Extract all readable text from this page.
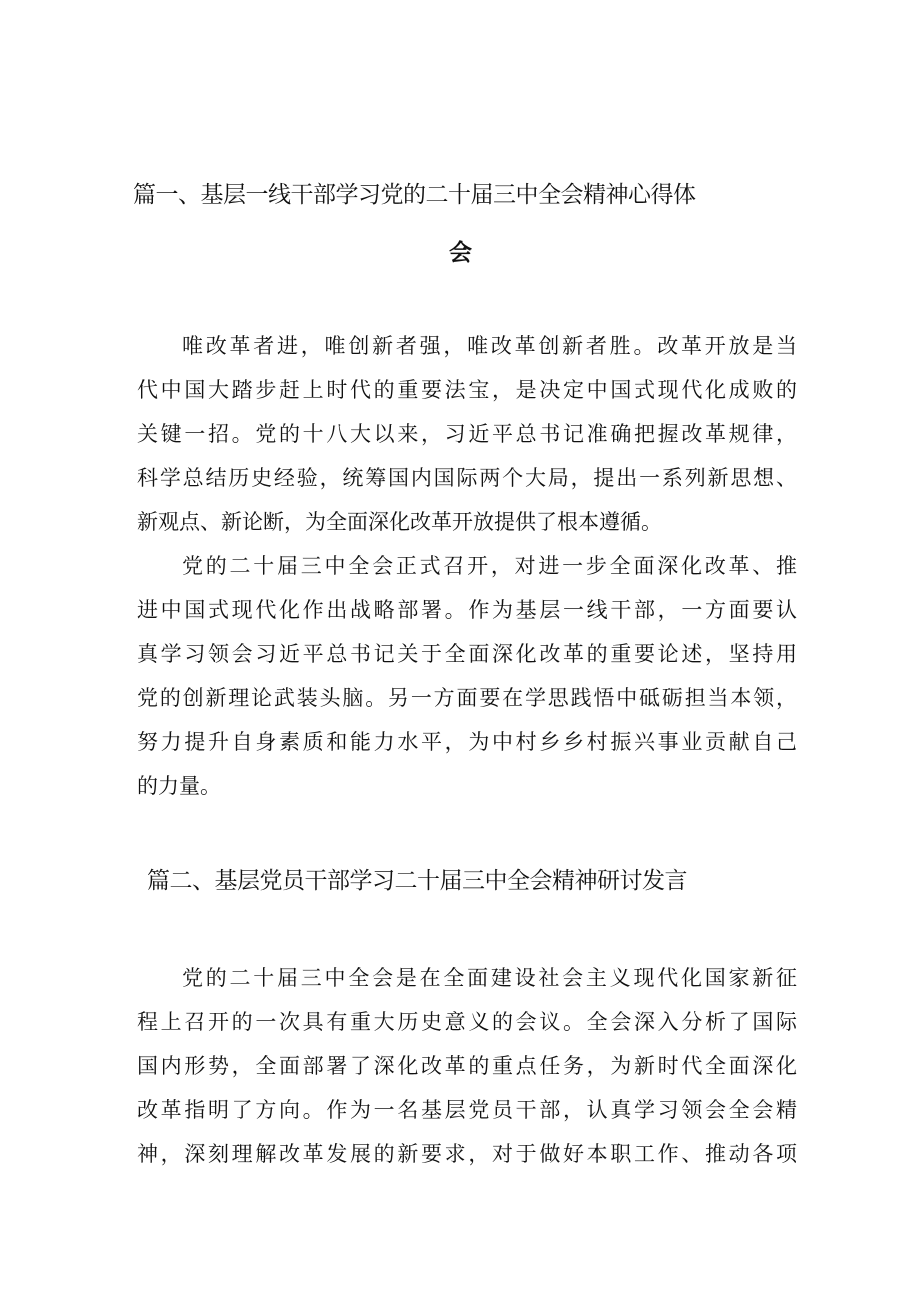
篇一、基层一线干部学习党的二十届三中全会精神心得体
会

唯改革者进，唯创新者强，唯改革创新者胜。改革开放是当

代中国大踏步赶上时代的重要法宝，是决定中国式现代化成败的

关键一招。党的十八大以来，习近平总书记准确把握改革规律，

科学总结历史经验，统筹国内国际两个大局，提出一系列新思想、

新观点、新论断，为全面深化改革开放提供了根本遵循。

党的二十届三中全会正式召开，对进一步全面深化改革、推

进中国式现代化作出战略部署。作为基层一线干部，一方面要认

真学习领会习近平总书记关于全面深化改革的重要论述，坚持用

党的创新理论武装头脑。另一方面要在学思践悟中砥砺担当本领，

努力提升自身素质和能力水平，为中村乡乡村振兴事业贡献自己

的力量。

篇二、基层党员干部学习二十届三中全会精神研讨发言

党的二十届三中全会是在全面建设社会主义现代化国家新征

程上召开的一次具有重大历史意义的会议。全会深入分析了国际

国内形势，全面部署了深化改革的重点任务，为新时代全面深化

改革指明了方向。作为一名基层党员干部，认真学习领会全会精

神，深刻理解改革发展的新要求，对于做好本职工作、推动各项
